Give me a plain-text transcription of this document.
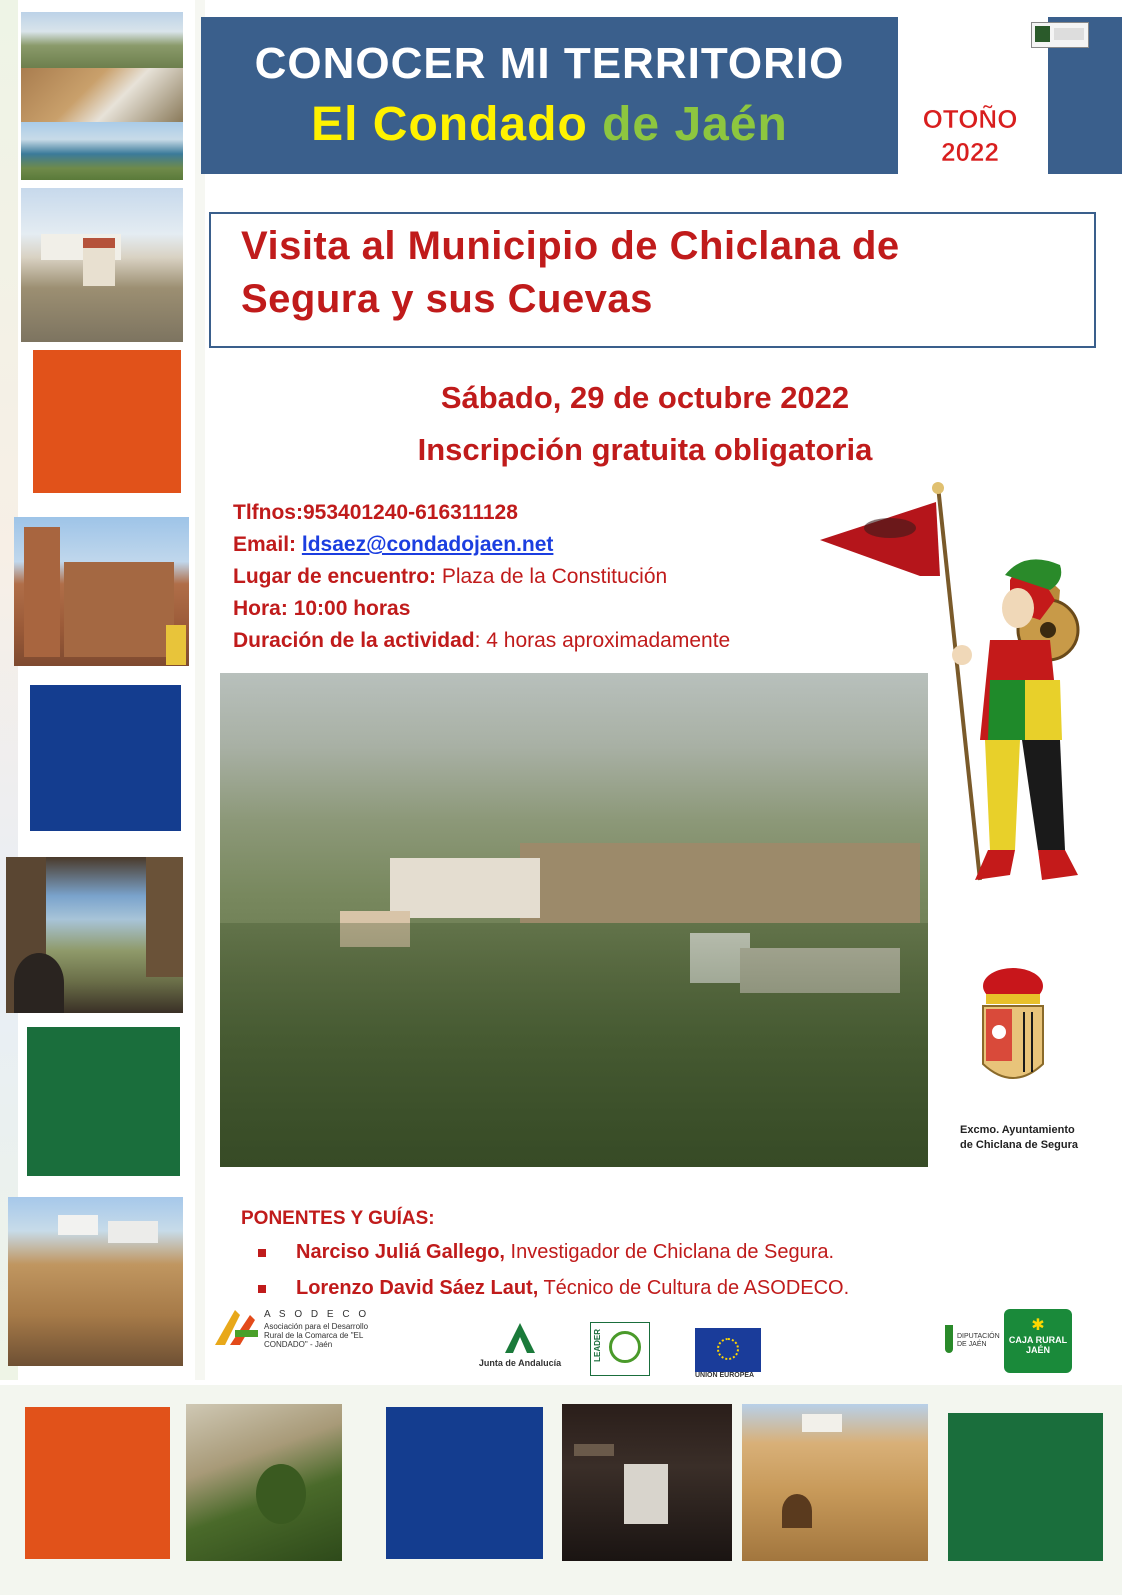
CONOCER MI TERRITORIO
El Condado de Jaén	OTOÑO
2022
Visita al Municipio de Chiclana de
Segura y sus Cuevas
Sábado, 29 de octubre 2022
Inscripción gratuita obligatoria
Tlfnos:953401240-616311128
Email: ldsaez@condadojaen.net
Lugar de encuentro: Plaza de la Constitución
Hora: 10:00 horas
Duración de la actividad: 4 horas aproximadamente
Excmo. Ayuntamiento
de Chiclana de Segura
PONENTES Y GUÍAS:
Narciso Juliá Gallego, Investigador de Chiclana de Segura.
Lorenzo David Sáez Laut, Técnico de Cultura de ASODECO.
A S O D E C O
Asociación para el Desarrollo Rural de la Comarca de "EL CONDADO" - Jaén
Junta de Andalucía
LEADER
UNIÓN EUROPEA
DIPUTACIÓN DE JAÉN
✱
CAJA RURAL
JAÉN
